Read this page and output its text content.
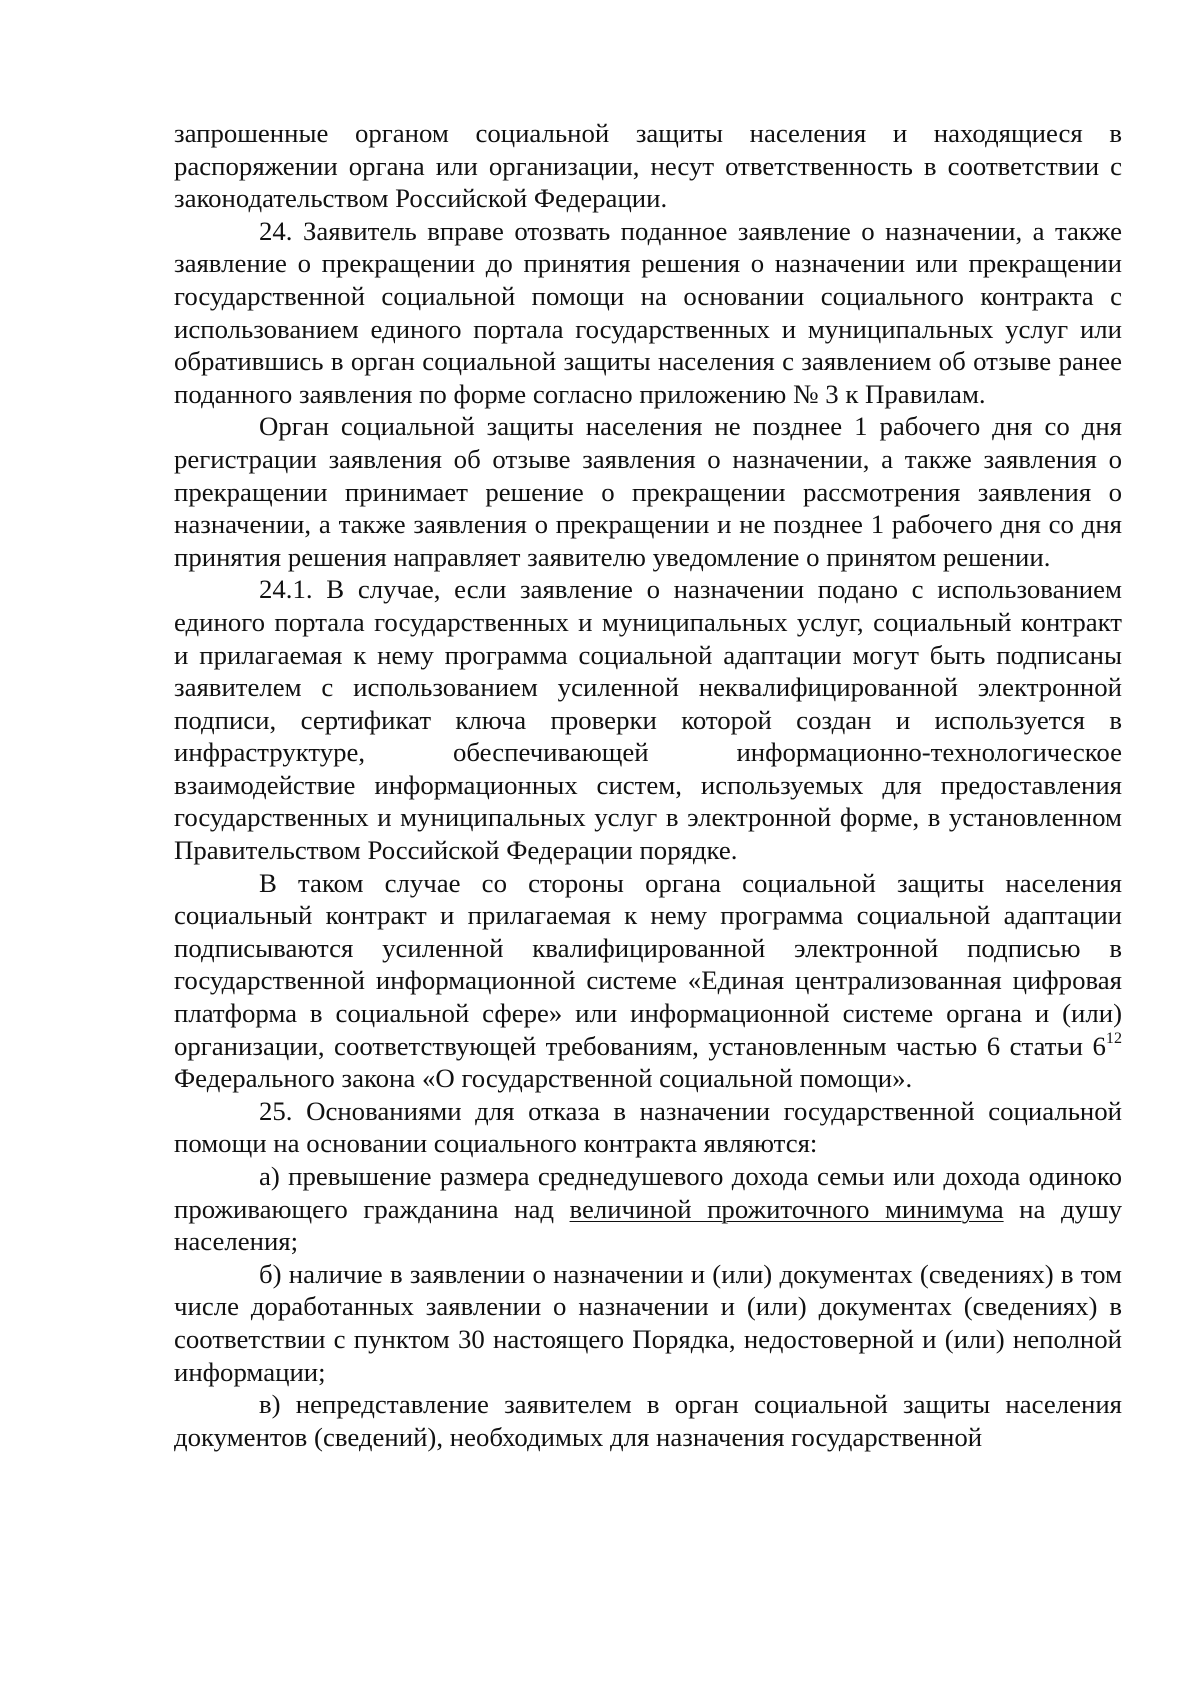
запрошенные органом социальной защиты населения и находящиеся в распоряжении органа или организации, несут ответственность в соответствии с законодательством Российской Федерации.

24. Заявитель вправе отозвать поданное заявление о назначении, а также заявление о прекращении до принятия решения о назначении или прекращении государственной социальной помощи на основании социального контракта с использованием единого портала государственных и муниципальных услуг или обратившись в орган социальной защиты населения с заявлением об отзыве ранее поданного заявления по форме согласно приложению № 3 к Правилам.

Орган социальной защиты населения не позднее 1 рабочего дня со дня регистрации заявления об отзыве заявления о назначении, а также заявления о прекращении принимает решение о прекращении рассмотрения заявления о назначении, а также заявления о прекращении и не позднее 1 рабочего дня со дня принятия решения направляет заявителю уведомление о принятом решении.

24.1. В случае, если заявление о назначении подано с использованием единого портала государственных и муниципальных услуг, социальный контракт и прилагаемая к нему программа социальной адаптации могут быть подписаны заявителем с использованием усиленной неквалифицированной электронной подписи, сертификат ключа проверки которой создан и используется в инфраструктуре, обеспечивающей информационно-технологическое взаимодействие информационных систем, используемых для предоставления государственных и муниципальных услуг в электронной форме, в установленном Правительством Российской Федерации порядке.

В таком случае со стороны органа социальной защиты населения социальный контракт и прилагаемая к нему программа социальной адаптации подписываются усиленной квалифицированной электронной подписью в государственной информационной системе «Единая централизованная цифровая платформа в социальной сфере» или информационной системе органа и (или) организации, соответствующей требованиям, установленным частью 6 статьи $6^{12}$ Федерального закона «О государственной социальной помощи».

25. Основаниями для отказа в назначении государственной социальной помощи на основании социального контракта являются:

а) превышение размера среднедушевого дохода семьи или дохода одиноко проживающего гражданина над величиной прожиточного минимума на душу населения;

б) наличие в заявлении о назначении и (или) документах (сведениях) в том числе доработанных заявлении о назначении и (или) документах (сведениях) в соответствии с пунктом 30 настоящего Порядка, недостоверной и (или) неполной информации;

в) непредставление заявителем в орган социальной защиты населения документов (сведений), необходимых для назначения государственной
